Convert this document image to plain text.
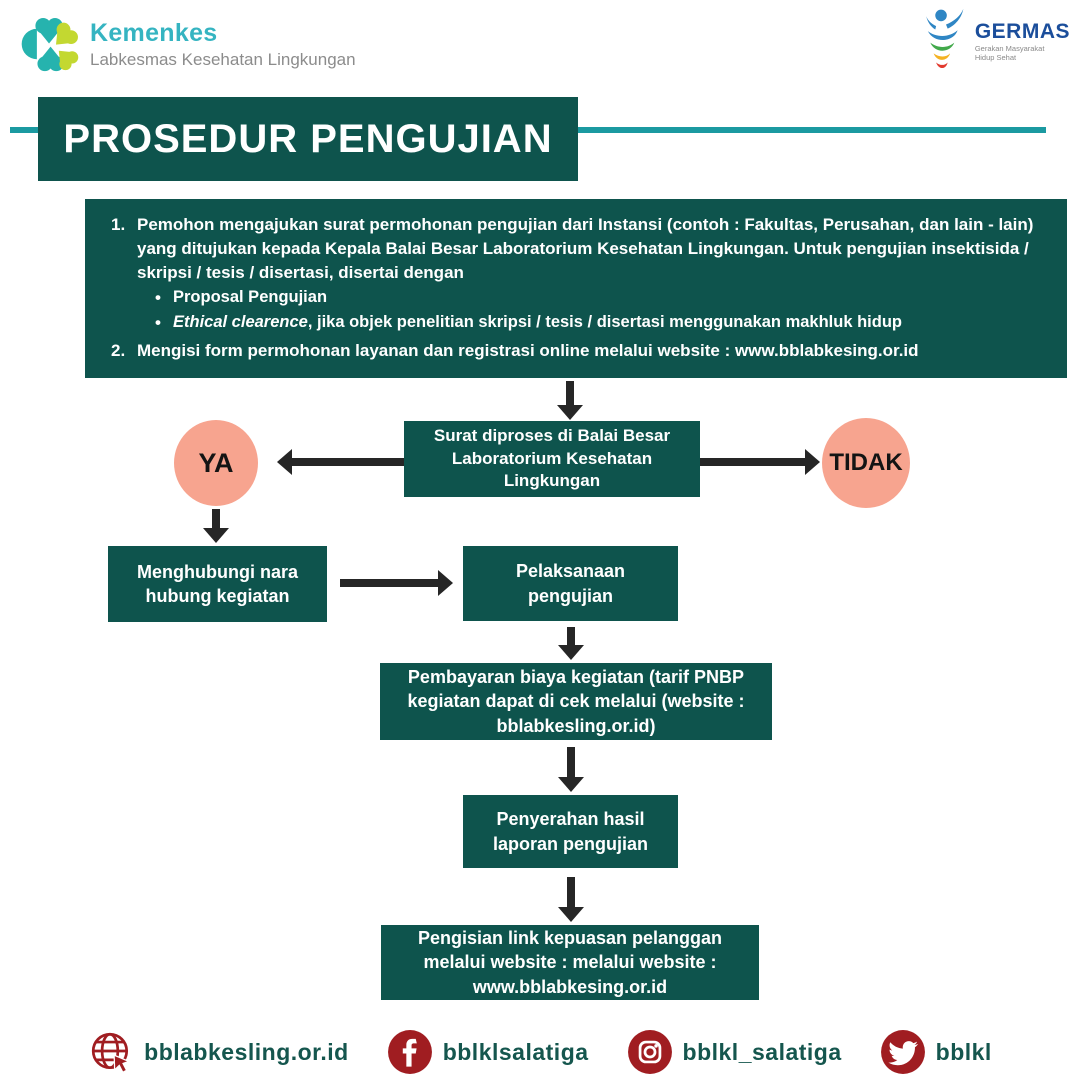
Kemenkes
Labkesmas Kesehatan Lingkungan
GERMAS
Gerakan Masyarakat
Hidup Sehat
PROSEDUR PENGUJIAN
1. Pemohon mengajukan surat permohonan pengujian dari Instansi (contoh : Fakultas, Perusahan, dan lain - lain) yang ditujukan kepada Kepala Balai Besar Laboratorium Kesehatan Lingkungan. Untuk pengujian insektisida / skripsi / tesis / disertasi, disertai dengan

• Proposal Pengujian

• Ethical clearence, jika objek penelitian skripsi / tesis / disertasi menggunakan makhluk hidup

2. Mengisi form permohonan layanan dan registrasi online melalui website : www.bblabkesing.or.id

Surat diproses di Balai Besar Laboratorium Kesehatan Lingkungan
YA	TIDAK
Menghubungi nara hubung kegiatan
Pelaksanaan pengujian
Pembayaran biaya kegiatan (tarif PNBP kegiatan dapat di cek melalui (website : bblabkesling.or.id)
Penyerahan hasil laporan pengujian
Pengisian link kepuasan pelanggan melalui website : melalui website : www.bblabkesing.or.id
bblabkesling.or.id	bblklsalatiga	bblkl_salatiga	bblkl
